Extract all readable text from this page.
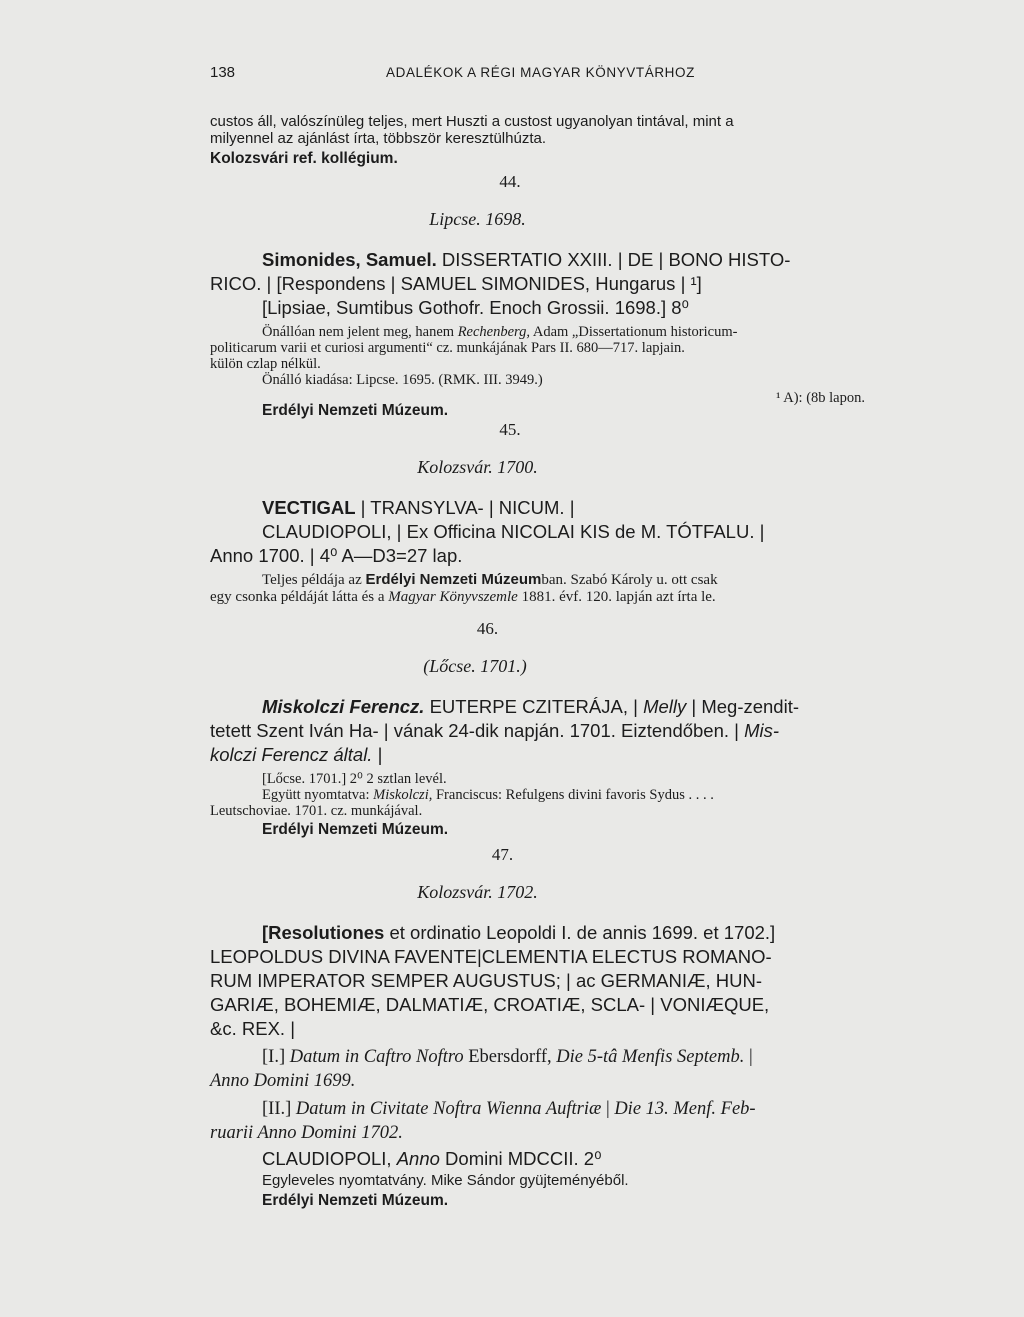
138	ADALÉKOK A RÉGI MAGYAR KÖNYVTÁRHOZ

custos áll, valószínüleg teljes, mert Huszti a custost ugyanolyan tintával, mint a

milyennel az ajánlást írta, többször keresztülhúzta.

Kolozsvári ref. kollégium.

44.

Lipcse. 1698.

Simonides, Samuel. DISSERTATIO XXIII. | DE | BONO HISTO-

RICO. | [Respondens | SAMUEL SIMONIDES, Hungarus | ¹]

[Lipsiae, Sumtibus Gothofr. Enoch Grossii. 1698.] 8⁰

Önállóan nem jelent meg, hanem Rechenberg, Adam „Dissertationum historicum-

politicarum varii et curiosi argumenti“ cz. munkájának Pars II. 680—717. lapjain.

külön czlap nélkül.

Önálló kiadása: Lipcse. 1695. (RMK. III. 3949.)

¹ A): (8b lapon.

Erdélyi Nemzeti Múzeum.

45.

Kolozsvár. 1700.

VECTIGAL | TRANSYLVA- | NICUM. |

CLAUDIOPOLI, | Ex Officina NICOLAI KIS de M. TÓTFALU. |

Anno 1700. | 4⁰ A—D3=27 lap.

Teljes példája az Erdélyi Nemzeti Múzeumban. Szabó Károly u. ott csak

egy csonka példáját látta és a Magyar Könyvszemle 1881. évf. 120. lapján azt írta le.

46.

(Lőcse. 1701.)

Miskolczi Ferencz. EUTERPE CZITERÁJA, | Melly | Meg-zendit-

tetett Szent Iván Ha- | vának 24-dik napján. 1701. Eiztendőben. | Mis-

kolczi Ferencz által. |

[Lőcse. 1701.] 2⁰ 2 sztlan levél.

Együtt nyomtatva: Miskolczi, Franciscus: Refulgens divini favoris Sydus . . . .

Leutschoviae. 1701. cz. munkájával.

Erdélyi Nemzeti Múzeum.

47.

Kolozsvár. 1702.

[Resolutiones et ordinatio Leopoldi I. de annis 1699. et 1702.]

LEOPOLDUS DIVINA FAVENTE|CLEMENTIA ELECTUS ROMANO-

RUM IMPERATOR SEMPER AUGUSTUS; | ac GERMANIÆ, HUN-

GARIÆ, BOHEMIÆ, DALMATIÆ, CROATIÆ, SCLA- | VONIÆQUE,

&c. REX. |

[I.] Datum in Caftro Noftro Ebersdorff, Die 5-tâ Menfis Septemb. |

Anno Domini 1699.

[II.] Datum in Civitate Noftra Wienna Auftriæ | Die 13. Menf. Feb-

ruarii Anno Domini 1702.

CLAUDIOPOLI, Anno Domini MDCCII. 2⁰

Egyleveles nyomtatvány. Mike Sándor gyüjteményéből.

Erdélyi Nemzeti Múzeum.
